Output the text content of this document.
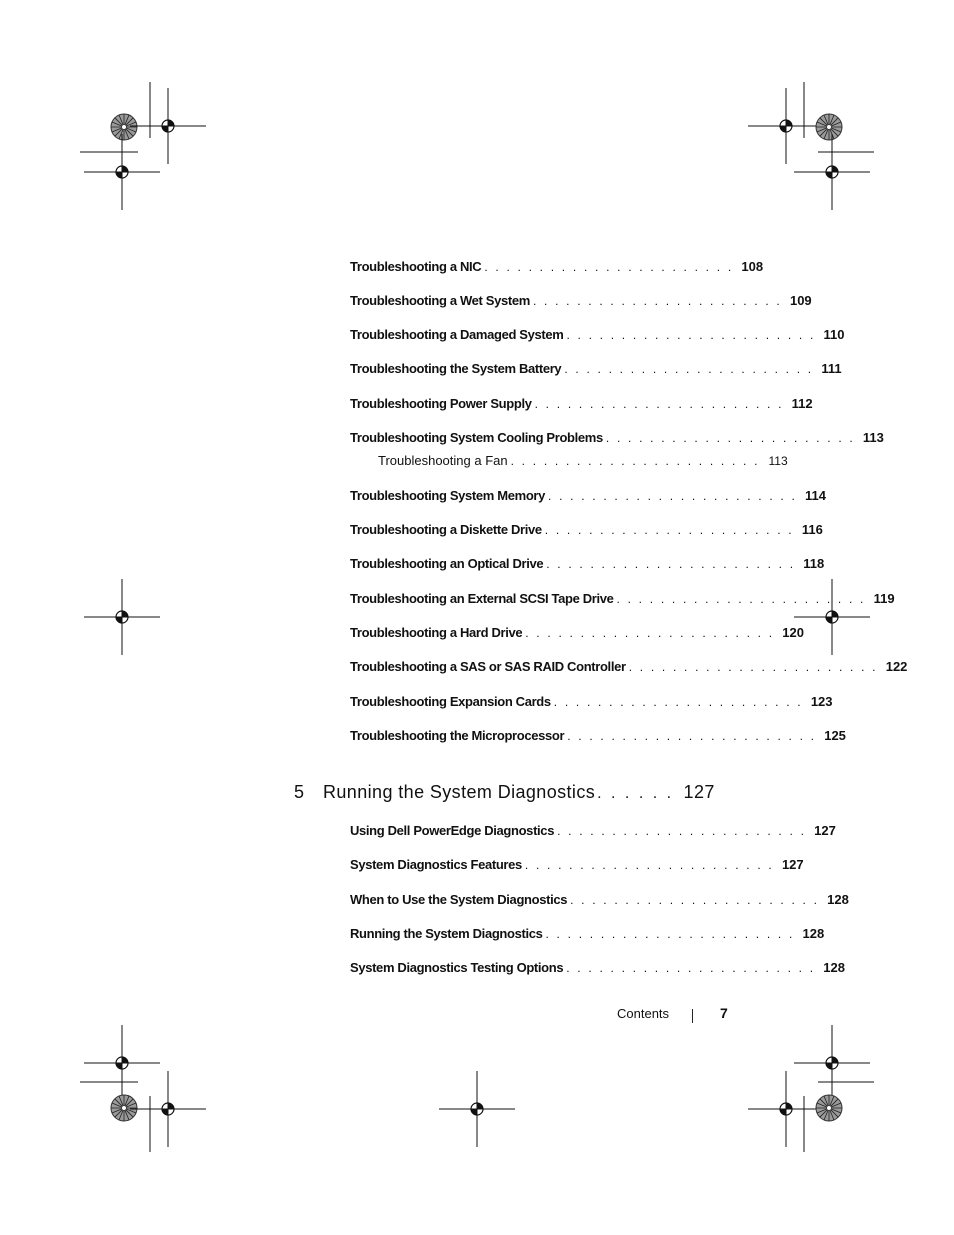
Troubleshooting a NIC . . . . . . . . . . . . . . . . . . . . . . . 108
Troubleshooting a Wet System . . . . . . . . . . . . . . . . . . . . . . . 109
Troubleshooting a Damaged System . . . . . . . . . . . . . . . . . . . . . . . 110
Troubleshooting the System Battery . . . . . . . . . . . . . . . . . . . . . . . 111
Troubleshooting Power Supply . . . . . . . . . . . . . . . . . . . . . . . 112
Troubleshooting System Cooling Problems . . . . . . . . . . . . . . . . . . . . . . . 113
Troubleshooting a Fan . . . . . . . . . . . . . . . . . . . . . . . 113
Troubleshooting System Memory . . . . . . . . . . . . . . . . . . . . . . . 114
Troubleshooting a Diskette Drive . . . . . . . . . . . . . . . . . . . . . . . 116
Troubleshooting an Optical Drive . . . . . . . . . . . . . . . . . . . . . . . 118
Troubleshooting an External SCSI Tape Drive . . . . . . . . . . . . . . . . . . . . . . . 119
Troubleshooting a Hard Drive . . . . . . . . . . . . . . . . . . . . . . . 120
Troubleshooting a SAS or SAS RAID Controller . . . . . . . . . . . . . . . . . . . . . . . 122
Troubleshooting Expansion Cards . . . . . . . . . . . . . . . . . . . . . . . 123
Troubleshooting the Microprocessor . . . . . . . . . . . . . . . . . . . . . . . 125
5	Running the System Diagnostics . . . . . . 127
Using Dell PowerEdge Diagnostics . . . . . . . . . . . . . . . . . . . . . . . 127
System Diagnostics Features . . . . . . . . . . . . . . . . . . . . . . . 127
When to Use the System Diagnostics . . . . . . . . . . . . . . . . . . . . . . . 128
Running the System Diagnostics . . . . . . . . . . . . . . . . . . . . . . . 128
System Diagnostics Testing Options . . . . . . . . . . . . . . . . . . . . . . . 128
Contents	7
